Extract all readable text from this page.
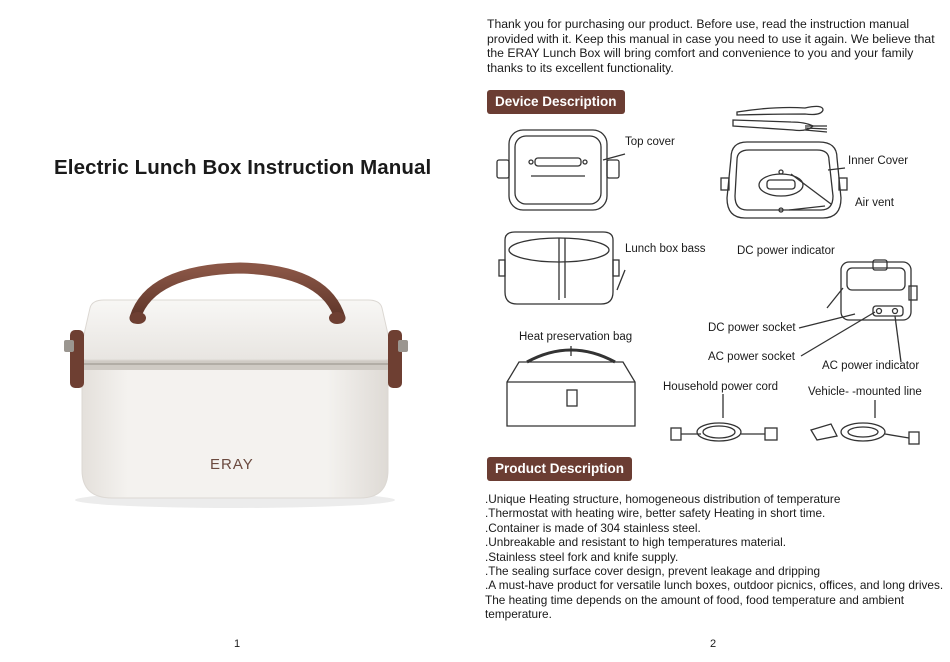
Electric Lunch Box Instruction Manual
ERAY
1
Thank you for purchasing our product. Before use, read the instruction manual provided with it. Keep this manual in case you need to use it again. We believe that the ERAY Lunch Box will bring comfort and convenience to you and your family thanks to its excellent functionality.
Device Description
Top cover
Inner Cover
Air vent
Lunch box bass	DC power indicator
DC power socket
AC power socket
AC power indicator
Heat preservation bag
Household power cord	Vehicle- -mounted line
Product Description
.Unique Heating structure, homogeneous distribution of temperature
.Thermostat with heating wire, better safety Heating in short time.
.Container is made of 304 stainless steel.
.Unbreakable and resistant to high temperatures material.
.Stainless steel fork and knife supply.
.The sealing surface cover design, prevent leakage and dripping
.A must-have product for versatile lunch boxes, outdoor picnics, offices, and long drives.
The heating time depends on the amount of food, food temperature and ambient
temperature.
2
